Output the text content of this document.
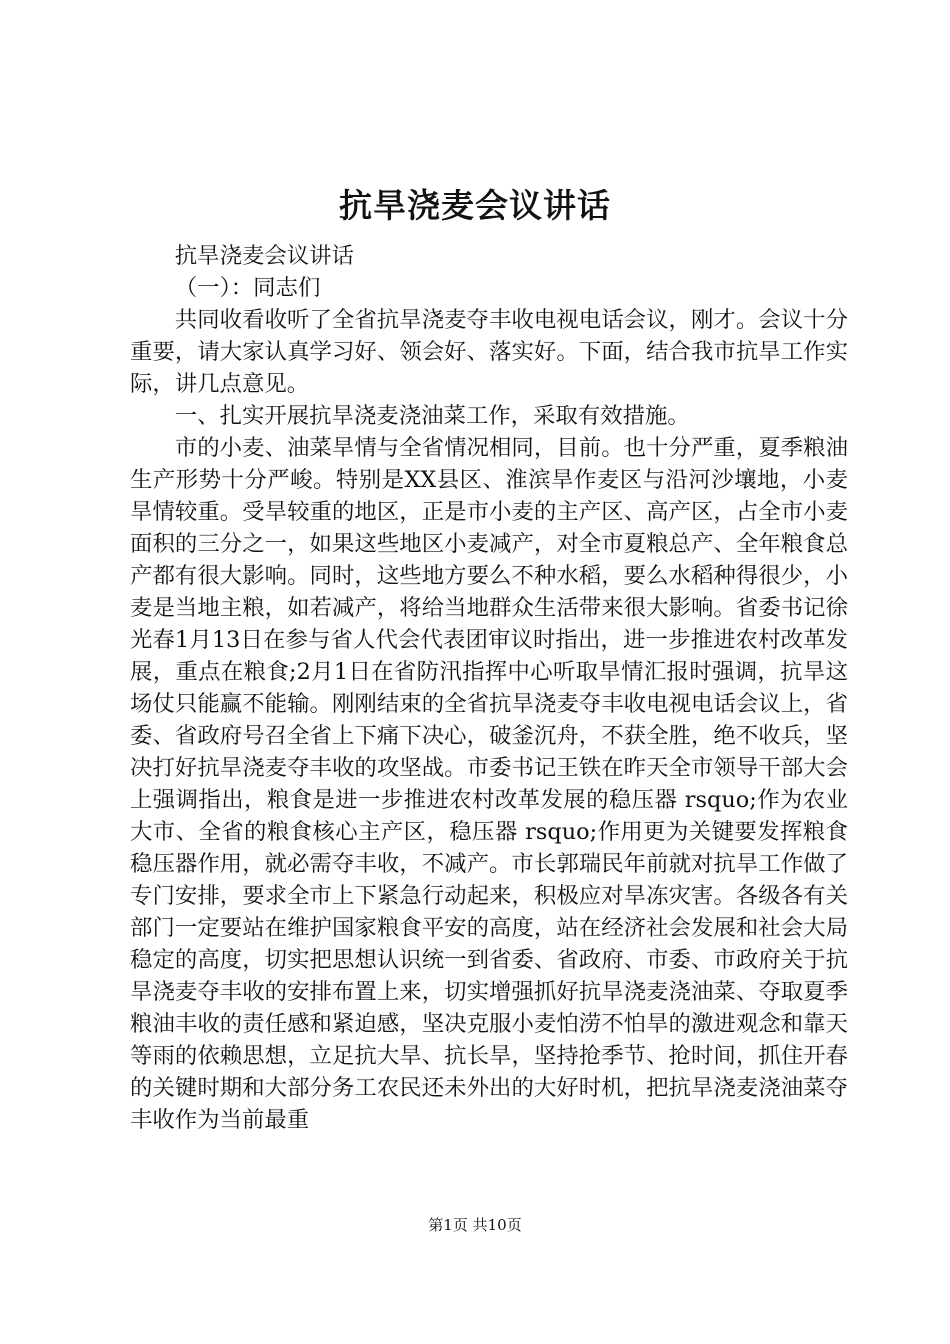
抗旱浇麦会议讲话

抗旱浇麦会议讲话

（一）：同志们

共同收看收听了全省抗旱浇麦夺丰收电视电话会议，刚才。会议十分重要，请大家认真学习好、领会好、落实好。下面，结合我市抗旱工作实际，讲几点意见。

一、扎实开展抗旱浇麦浇油菜工作，采取有效措施。

市的小麦、油菜旱情与全省情况相同，目前。也十分严重，夏季粮油生产形势十分严峻。特别是XX县区、淮滨旱作麦区与沿河沙壤地，小麦旱情较重。受旱较重的地区，正是市小麦的主产区、高产区，占全市小麦面积的三分之一，如果这些地区小麦减产，对全市夏粮总产、全年粮食总产都有很大影响。同时，这些地方要么不种水稻，要么水稻种得很少，小麦是当地主粮，如若减产，将给当地群众生活带来很大影响。省委书记徐光春1月13日在参与省人代会代表团审议时指出，进一步推进农村改革发展，重点在粮食;2月1日在省防汛指挥中心听取旱情汇报时强调，抗旱这场仗只能赢不能输。刚刚结束的全省抗旱浇麦夺丰收电视电话会议上，省委、省政府号召全省上下痛下决心，破釜沉舟，不获全胜，绝不收兵，坚决打好抗旱浇麦夺丰收的攻坚战。市委书记王铁在昨天全市领导干部大会上强调指出，粮食是进一步推进农村改革发展的稳压器 rsquo;作为农业大市、全省的粮食核心主产区，稳压器 rsquo;作用更为关键要发挥粮食稳压器作用，就必需夺丰收，不减产。市长郭瑞民年前就对抗旱工作做了专门安排，要求全市上下紧急行动起来，积极应对旱冻灾害。各级各有关部门一定要站在维护国家粮食平安的高度，站在经济社会发展和社会大局稳定的高度，切实把思想认识统一到省委、省政府、市委、市政府关于抗旱浇麦夺丰收的安排布置上来，切实增强抓好抗旱浇麦浇油菜、夺取夏季粮油丰收的责任感和紧迫感，坚决克服小麦怕涝不怕旱的激进观念和靠天等雨的依赖思想，立足抗大旱、抗长旱，坚持抢季节、抢时间，抓住开春的关键时期和大部分务工农民还未外出的大好时机，把抗旱浇麦浇油菜夺丰收作为当前最重

第1页 共10页
